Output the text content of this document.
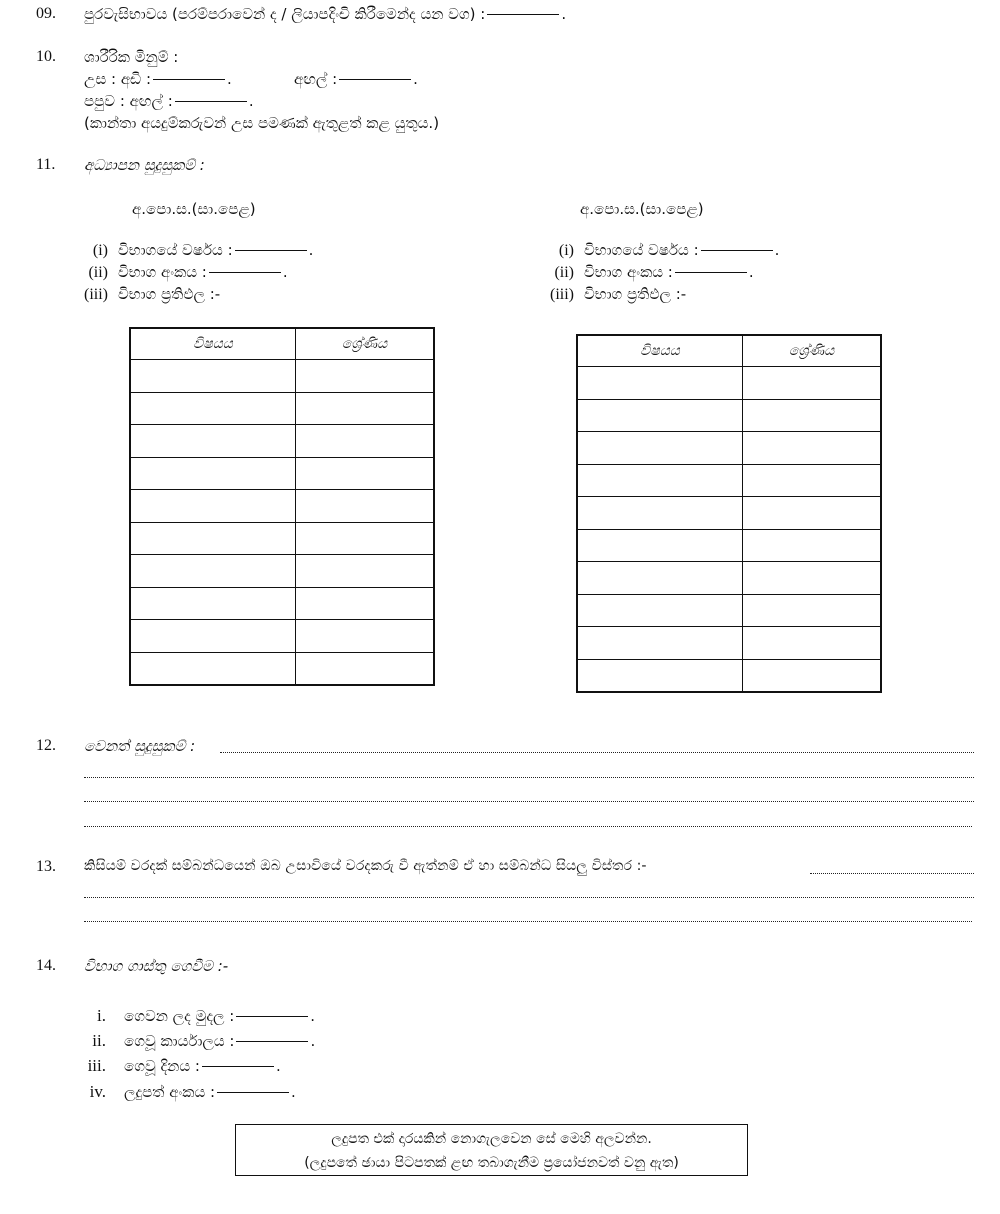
09. පුරවැසිභාවය (පරම්පරාවෙන් ද / ලියාපදිංචි කිරීමෙන්ද යන වග) :	.
10. ශාරීරික මිනුම් :
උස : අඩි :	.	අඟල් :	.
පපුව : අඟල් :	.
(කාන්තා අයදුම්කරුවන් උස පමණක් ඇතුළත් කළ යුතුය.)
11. අධ්‍යාපන සුදුසුකම් :
අ.පො.ස.(සා.පෙළ)	අ.පො.ස.(සා.පෙළ)
(i) විභාගයේ වර්ෂය :	.
(ii) විභාග අංකය :	.
(iii) විභාග ප්‍රතිඵල :-
(i) විභාගයේ වර්ෂය :	.
(ii) විභාග අංකය :	.
(iii) විභාග ප්‍රතිඵල :-
විෂයය	ශ්‍රේණිය

		විෂයය	ශ්‍රේණිය

12. වෙනත් සුදුසුකම් :
13. කිසියම් වරදක් සම්බන්ධයෙන් ඔබ උසාවියේ වරදකරු වී ඇත්නම් ඒ හා සම්බන්ධ සියලු විස්තර :-
14. විභාග ගාස්තු ගෙවීම :-
i. ගෙවන ලද මුදල :	.
ii. ගෙවූ කාර්යාලය :	.
iii. ගෙවූ දිනය :	.
iv. ලදුපත් අංකය :	.
ලදුපත එක් දාරයකින් නොගැලවෙන සේ මෙහි අලවන්න.
(ලදුපතේ ඡායා පිටපතක් ළඟ තබාගැනීම ප්‍රයෝජනවත් වනු ඇත)
